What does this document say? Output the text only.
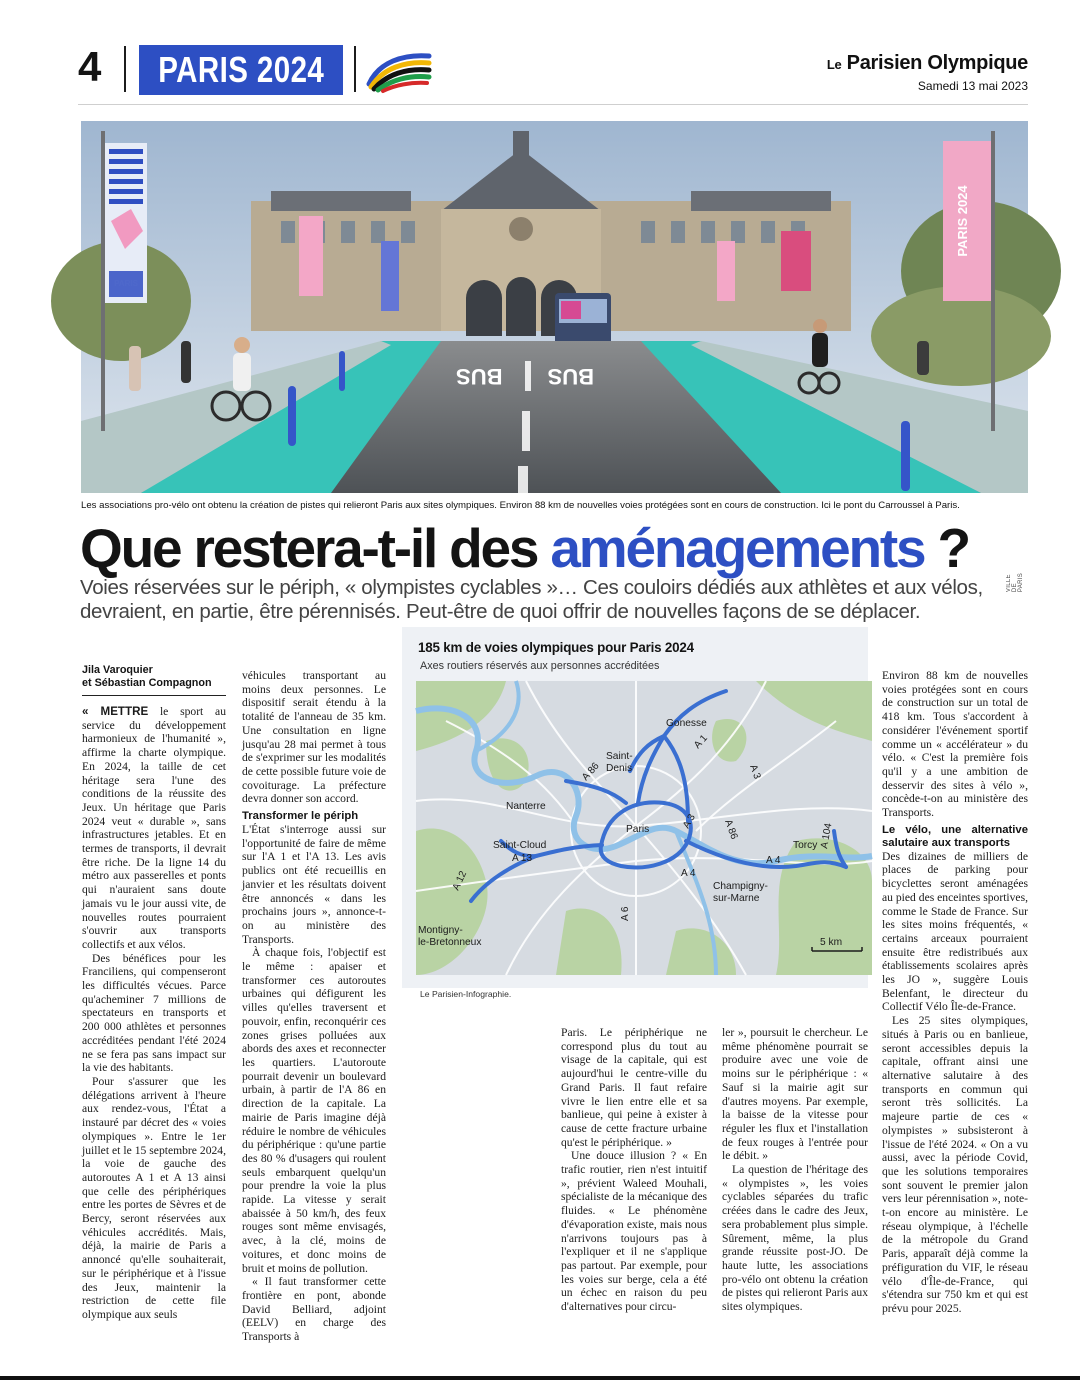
4	PARIS 2024	Le Parisien Olympique
Samedi 13 mai 2023
BUS BUS
PARIS 2024
VILLE DE PARIS
Les associations pro-vélo ont obtenu la création de pistes qui relieront Paris aux sites olympiques. Environ 88 km de nouvelles voies protégées sont en cours de construction. Ici le pont du Carroussel à Paris.
Que restera-t-il des aménagements ?
Voies réservées sur le périph, « olympistes cyclables »… Ces couloirs dédiés aux athlètes et aux vélos, devraient, en partie, être pérennisés. Peut-être de quoi offrir de nouvelles façons de se déplacer.
Jila Varoquier
et Sébastian Compagnon

« METTRE le sport au service du développement harmonieux de l'humanité », affirme la charte olympique. En 2024, la taille de cet héritage sera l'une des conditions de la réussite des Jeux. Un héritage que Paris 2024 veut « durable », sans infrastructures jetables. Et en termes de transports, il devrait être riche. De la ligne 14 du métro aux passerelles et ponts qui n'auraient sans doute jamais vu le jour aussi vite, de nouvelles routes pourraient s'ouvrir aux transports collectifs et aux vélos.

Des bénéfices pour les Franciliens, qui compenseront les difficultés vécues. Parce qu'acheminer 7 millions de spectateurs en transports et 200 000 athlètes et personnes accréditées pendant l'été 2024 ne se fera pas sans impact sur la vie des habitants.

Pour s'assurer que les délégations arrivent à l'heure aux rendez-vous, l'État a instauré par décret des « voies olympiques ». Entre le 1er juillet et le 15 septembre 2024, la voie de gauche des autoroutes A 1 et A 13 ainsi que celle des périphériques entre les portes de Sèvres et de Bercy, seront réservées aux véhicules accrédités. Mais, déjà, la mairie de Paris a annoncé qu'elle souhaiterait, sur le périphérique et à l'issue des Jeux, maintenir la restriction de cette file olympique aux seuls

véhicules transportant au moins deux personnes. Le dispositif serait étendu à la totalité de l'anneau de 35 km. Une consultation en ligne jusqu'au 28 mai permet à tous de s'exprimer sur les modalités de cette possible future voie de covoiturage. La préfecture devra donner son accord.

Transformer le périph

L'État s'interroge aussi sur l'opportunité de faire de même sur l'A 1 et l'A 13. Les avis publics ont été recueillis en janvier et les résultats doivent être annoncés « dans les prochains jours », annonce-t-on au ministère des Transports.

À chaque fois, l'objectif est le même : apaiser et transformer ces autoroutes urbaines qui défigurent les villes qu'elles traversent et pouvoir, enfin, reconquérir ces zones grises polluées aux abords des axes et reconnecter les quartiers. L'autoroute pourrait devenir un boulevard urbain, à partir de l'A 86 en direction de la capitale. La mairie de Paris imagine déjà réduire le nombre de véhicules du périphérique : qu'une partie des 80 % d'usagers qui roulent seuls embarquent quelqu'un pour prendre la voie la plus rapide. La vitesse y serait abaissée à 50 km/h, des feux rouges sont même envisagés, avec, à la clé, moins de voitures, et donc moins de bruit et moins de pollution.

« Il faut transformer cette frontière en pont, abonde David Belliard, adjoint (EELV) en charge des Transports à

185 km de voies olympiques pour Paris 2024
Axes routiers réservés aux personnes accréditées
Gonesse
Saint-
Denis
Nanterre
Paris
Saint-Cloud	Torcy
Champigny-
sur-Marne
Montigny-
le-Bretonneux
A 1
A 3
A 86
A 3 A 86	A 104
A 4
A 4
A 13
A 12
A 6
5 km
Le Parisien-Infographie.

Paris. Le périphérique ne correspond plus du tout au visage de la capitale, qui est aujourd'hui le centre-ville du Grand Paris. Il faut refaire vivre le lien entre elle et sa banlieue, qui peine à exister à cause de cette fracture urbaine qu'est le périphérique. »

Une douce illusion ? « En trafic routier, rien n'est intuitif », prévient Waleed Mouhali, spécialiste de la mécanique des fluides. « Le phénomène d'évaporation existe, mais nous n'arrivons toujours pas à l'expliquer et il ne s'applique pas partout. Par exemple, pour les voies sur berge, cela a été un échec en raison du peu d'alternatives pour circu-

ler », poursuit le chercheur. Le même phénomène pourrait se produire avec une voie de moins sur le périphérique : « Sauf si la mairie agit sur d'autres moyens. Par exemple, la baisse de la vitesse pour réguler les flux et l'installation de feux rouges à l'entrée pour le débit. »

La question de l'héritage des « olympistes », les voies cyclables séparées du trafic créées dans le cadre des Jeux, sera probablement plus simple. Sûrement, même, la plus grande réussite post-JO. De haute lutte, les associations pro-vélo ont obtenu la création de pistes qui relieront Paris aux sites olympiques.

Environ 88 km de nouvelles voies protégées sont en cours de construction sur un total de 418 km. Tous s'accordent à considérer l'événement sportif comme un « accélérateur » du vélo. « C'est la première fois qu'il y a une ambition de desservir des sites à vélo », concède-t-on au ministère des Transports.

Le vélo, une alternative salutaire aux transports

Des dizaines de milliers de places de parking pour bicyclettes seront aménagées au pied des enceintes sportives, comme le Stade de France. Sur les sites moins fréquentés, « certains arceaux pourraient ensuite être redistribués aux établissements scolaires après les JO », suggère Louis Belenfant, le directeur du Collectif Vélo Île-de-France.

Les 25 sites olympiques, situés à Paris ou en banlieue, seront accessibles depuis la capitale, offrant ainsi une alternative salutaire à des transports en commun qui seront très sollicités. La majeure partie de ces « olympistes » subsisteront à l'issue de l'été 2024. « On a vu aussi, avec la période Covid, que les solutions temporaires sont souvent le premier jalon vers leur pérennisation », note-t-on encore au ministère. Le réseau olympique, à l'échelle de la métropole du Grand Paris, apparaît déjà comme la préfiguration du VIF, le réseau vélo d'Île-de-France, qui s'étendra sur 750 km et qui est prévu pour 2025.
